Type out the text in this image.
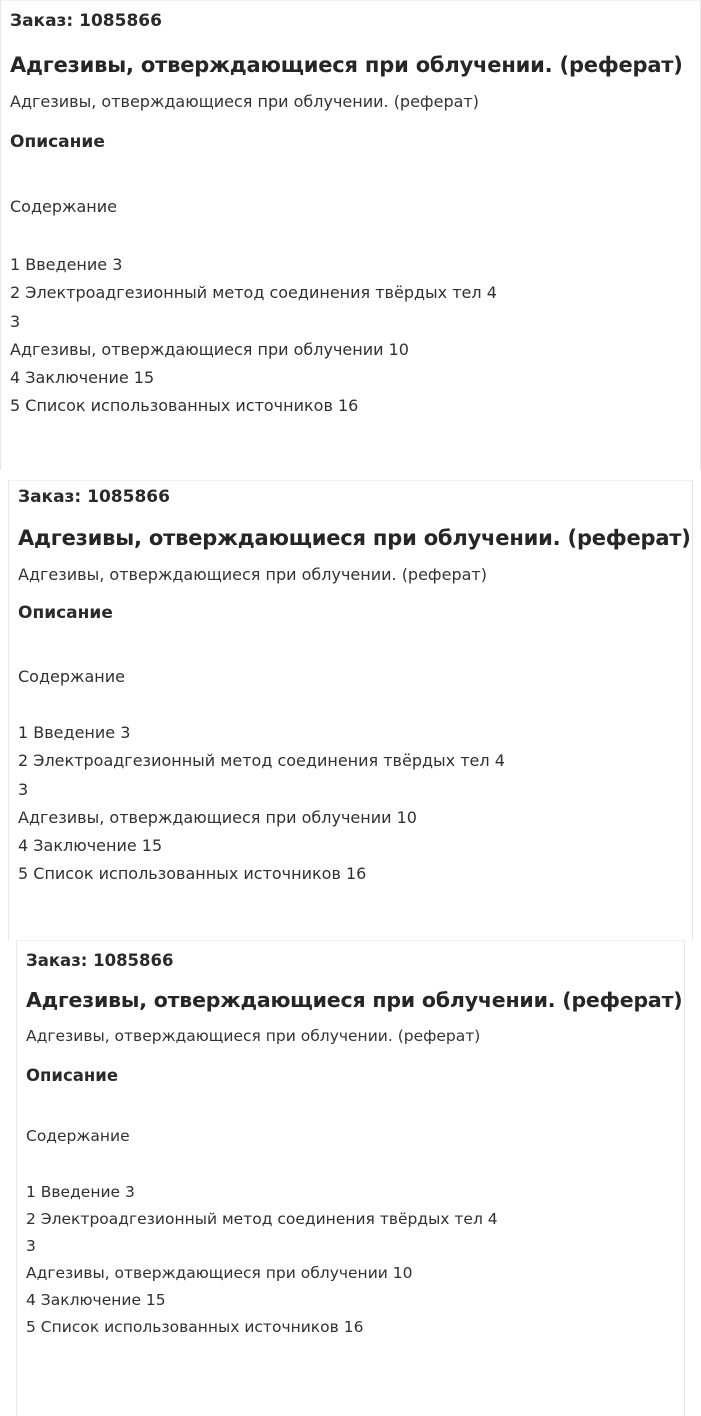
Заказ: 1085866
Адгезивы, отверждающиеся при облучении. (реферат)
Адгезивы, отверждающиеся при облучении. (реферат)
Описание
Содержание
1 Введение 3
2 Электроадгезионный метод соединения твёрдых тел 4
3
Адгезивы, отверждающиеся при облучении 10
4 Заключение 15
5 Список использованных источников 16
Заказ: 1085866
Адгезивы, отверждающиеся при облучении. (реферат)
Адгезивы, отверждающиеся при облучении. (реферат)
Описание
Содержание
1 Введение 3
2 Электроадгезионный метод соединения твёрдых тел 4
3
Адгезивы, отверждающиеся при облучении 10
4 Заключение 15
5 Список использованных источников 16
Заказ: 1085866
Адгезивы, отверждающиеся при облучении. (реферат)
Адгезивы, отверждающиеся при облучении. (реферат)
Описание
Содержание
1 Введение 3
2 Электроадгезионный метод соединения твёрдых тел 4
3
Адгезивы, отверждающиеся при облучении 10
4 Заключение 15
5 Список использованных источников 16
